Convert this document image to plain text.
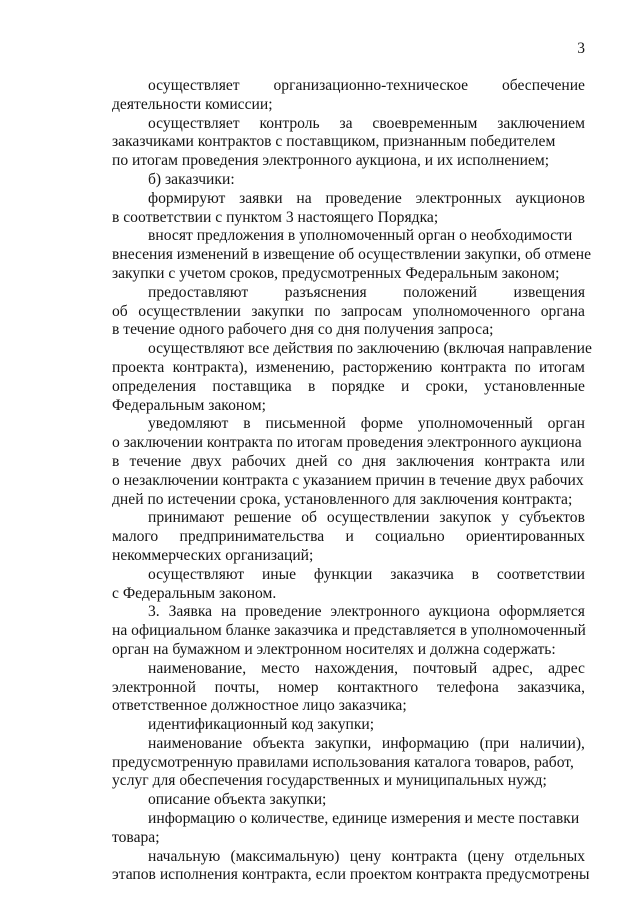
3
осуществляет организационно-техническое обеспечение
деятельности комиссии;
осуществляет контроль за своевременным заключением
заказчиками контрактов с поставщиком, признанным победителем
по итогам проведения электронного аукциона, и их исполнением;
б) заказчики:
формируют заявки на проведение электронных аукционов
в соответствии с пунктом 3 настоящего Порядка;
вносят предложения в уполномоченный орган о необходимости
внесения изменений в извещение об осуществлении закупки, об отмене
закупки с учетом сроков, предусмотренных Федеральным законом;
предоставляют разъяснения положений извещения
об осуществлении закупки по запросам уполномоченного органа
в течение одного рабочего дня со дня получения запроса;
осуществляют все действия по заключению (включая направление
проекта контракта), изменению, расторжению контракта по итогам
определения поставщика в порядке и сроки, установленные
Федеральным законом;
уведомляют в письменной форме уполномоченный орган
о заключении контракта по итогам проведения электронного аукциона
в течение двух рабочих дней со дня заключения контракта или
о незаключении контракта с указанием причин в течение двух рабочих
дней по истечении срока, установленного для заключения контракта;
принимают решение об осуществлении закупок у субъектов
малого предпринимательства и социально ориентированных
некоммерческих организаций;
осуществляют иные функции заказчика в соответствии
с Федеральным законом.
3. Заявка на проведение электронного аукциона оформляется
на официальном бланке заказчика и представляется в уполномоченный
орган на бумажном и электронном носителях и должна содержать:
наименование, место нахождения, почтовый адрес, адрес
электронной почты, номер контактного телефона заказчика,
ответственное должностное лицо заказчика;
идентификационный код закупки;
наименование объекта закупки, информацию (при наличии),
предусмотренную правилами использования каталога товаров, работ,
услуг для обеспечения государственных и муниципальных нужд;
описание объекта закупки;
информацию о количестве, единице измерения и месте поставки
товара;
начальную (максимальную) цену контракта (цену отдельных
этапов исполнения контракта, если проектом контракта предусмотрены
